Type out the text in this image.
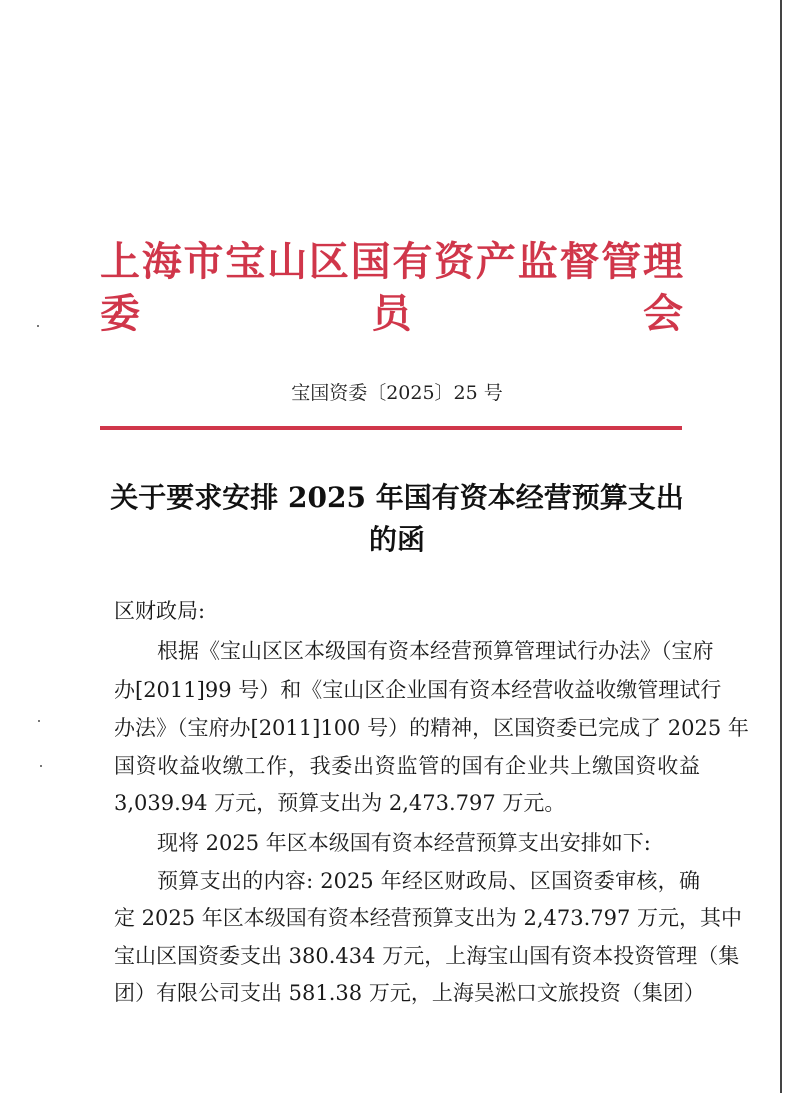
上海市宝山区国有资产监督管理委员会
宝国资委〔2025〕25 号
关于要求安排 2025 年国有资本经营预算支出
的函
区财政局:
根据《宝山区区本级国有资本经营预算管理试行办法》（宝府
办[2011]99 号）和《宝山区企业国有资本经营收益收缴管理试行
办法》（宝府办[2011]100 号）的精神，区国资委已完成了 2025 年
国资收益收缴工作，我委出资监管的国有企业共上缴国资收益
3,039.94 万元，预算支出为 2,473.797 万元。
现将 2025 年区本级国有资本经营预算支出安排如下:
预算支出的内容: 2025 年经区财政局、区国资委审核，确
定 2025 年区本级国有资本经营预算支出为 2,473.797 万元，其中
宝山区国资委支出 380.434 万元，上海宝山国有资本投资管理（集
团）有限公司支出 581.38 万元，上海吴淞口文旅投资（集团）
